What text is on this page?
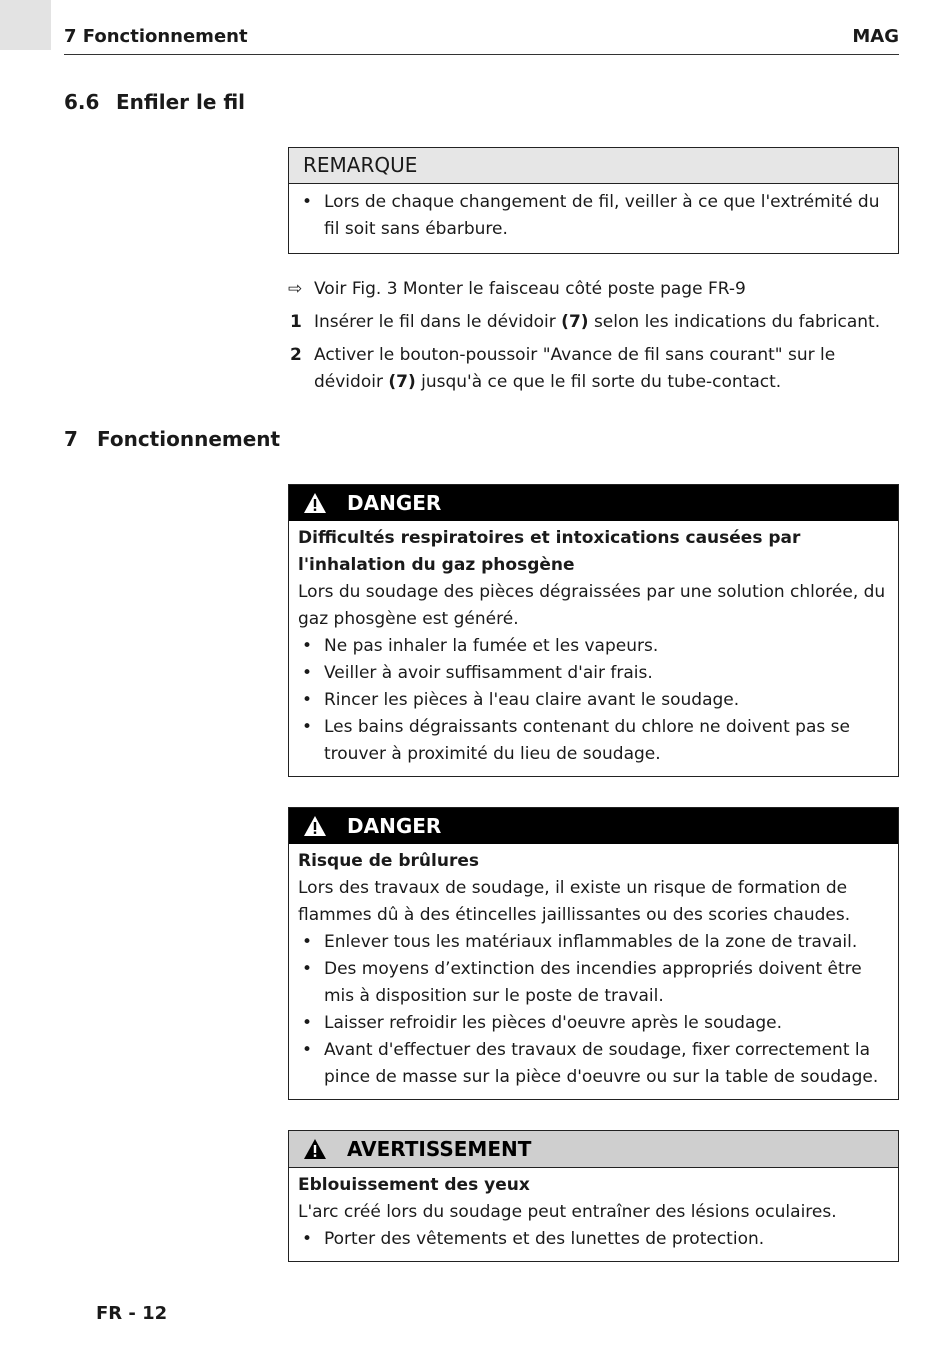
7 Fonctionnement	MAG
6.6 Enfiler le fil
REMARQUE
• Lors de chaque changement de fil, veiller à ce que l'extrémité du fil soit sans ébarbure.
⇨ Voir Fig. 3 Monter le faisceau côté poste page FR-9
1 Insérer le fil dans le dévidoir (7) selon les indications du fabricant.
2 Activer le bouton-poussoir "Avance de fil sans courant" sur le dévidoir (7) jusqu'à ce que le fil sorte du tube-contact.
7 Fonctionnement
DANGER
Difficultés respiratoires et intoxications causées par l'inhalation du gaz phosgène
Lors du soudage des pièces dégraissées par une solution chlorée, du gaz phosgène est généré.
• Ne pas inhaler la fumée et les vapeurs.
• Veiller à avoir suffisamment d'air frais.
• Rincer les pièces à l'eau claire avant le soudage.
• Les bains dégraissants contenant du chlore ne doivent pas se trouver à proximité du lieu de soudage.
DANGER
Risque de brûlures
Lors des travaux de soudage, il existe un risque de formation de flammes dû à des étincelles jaillissantes ou des scories chaudes.
• Enlever tous les matériaux inflammables de la zone de travail.
• Des moyens d’extinction des incendies appropriés doivent être mis à disposition sur le poste de travail.
• Laisser refroidir les pièces d'oeuvre après le soudage.
• Avant d'effectuer des travaux de soudage, fixer correctement la pince de masse sur la pièce d'oeuvre ou sur la table de soudage.
AVERTISSEMENT
Eblouissement des yeux
L'arc créé lors du soudage peut entraîner des lésions oculaires.
• Porter des vêtements et des lunettes de protection.
FR - 12
